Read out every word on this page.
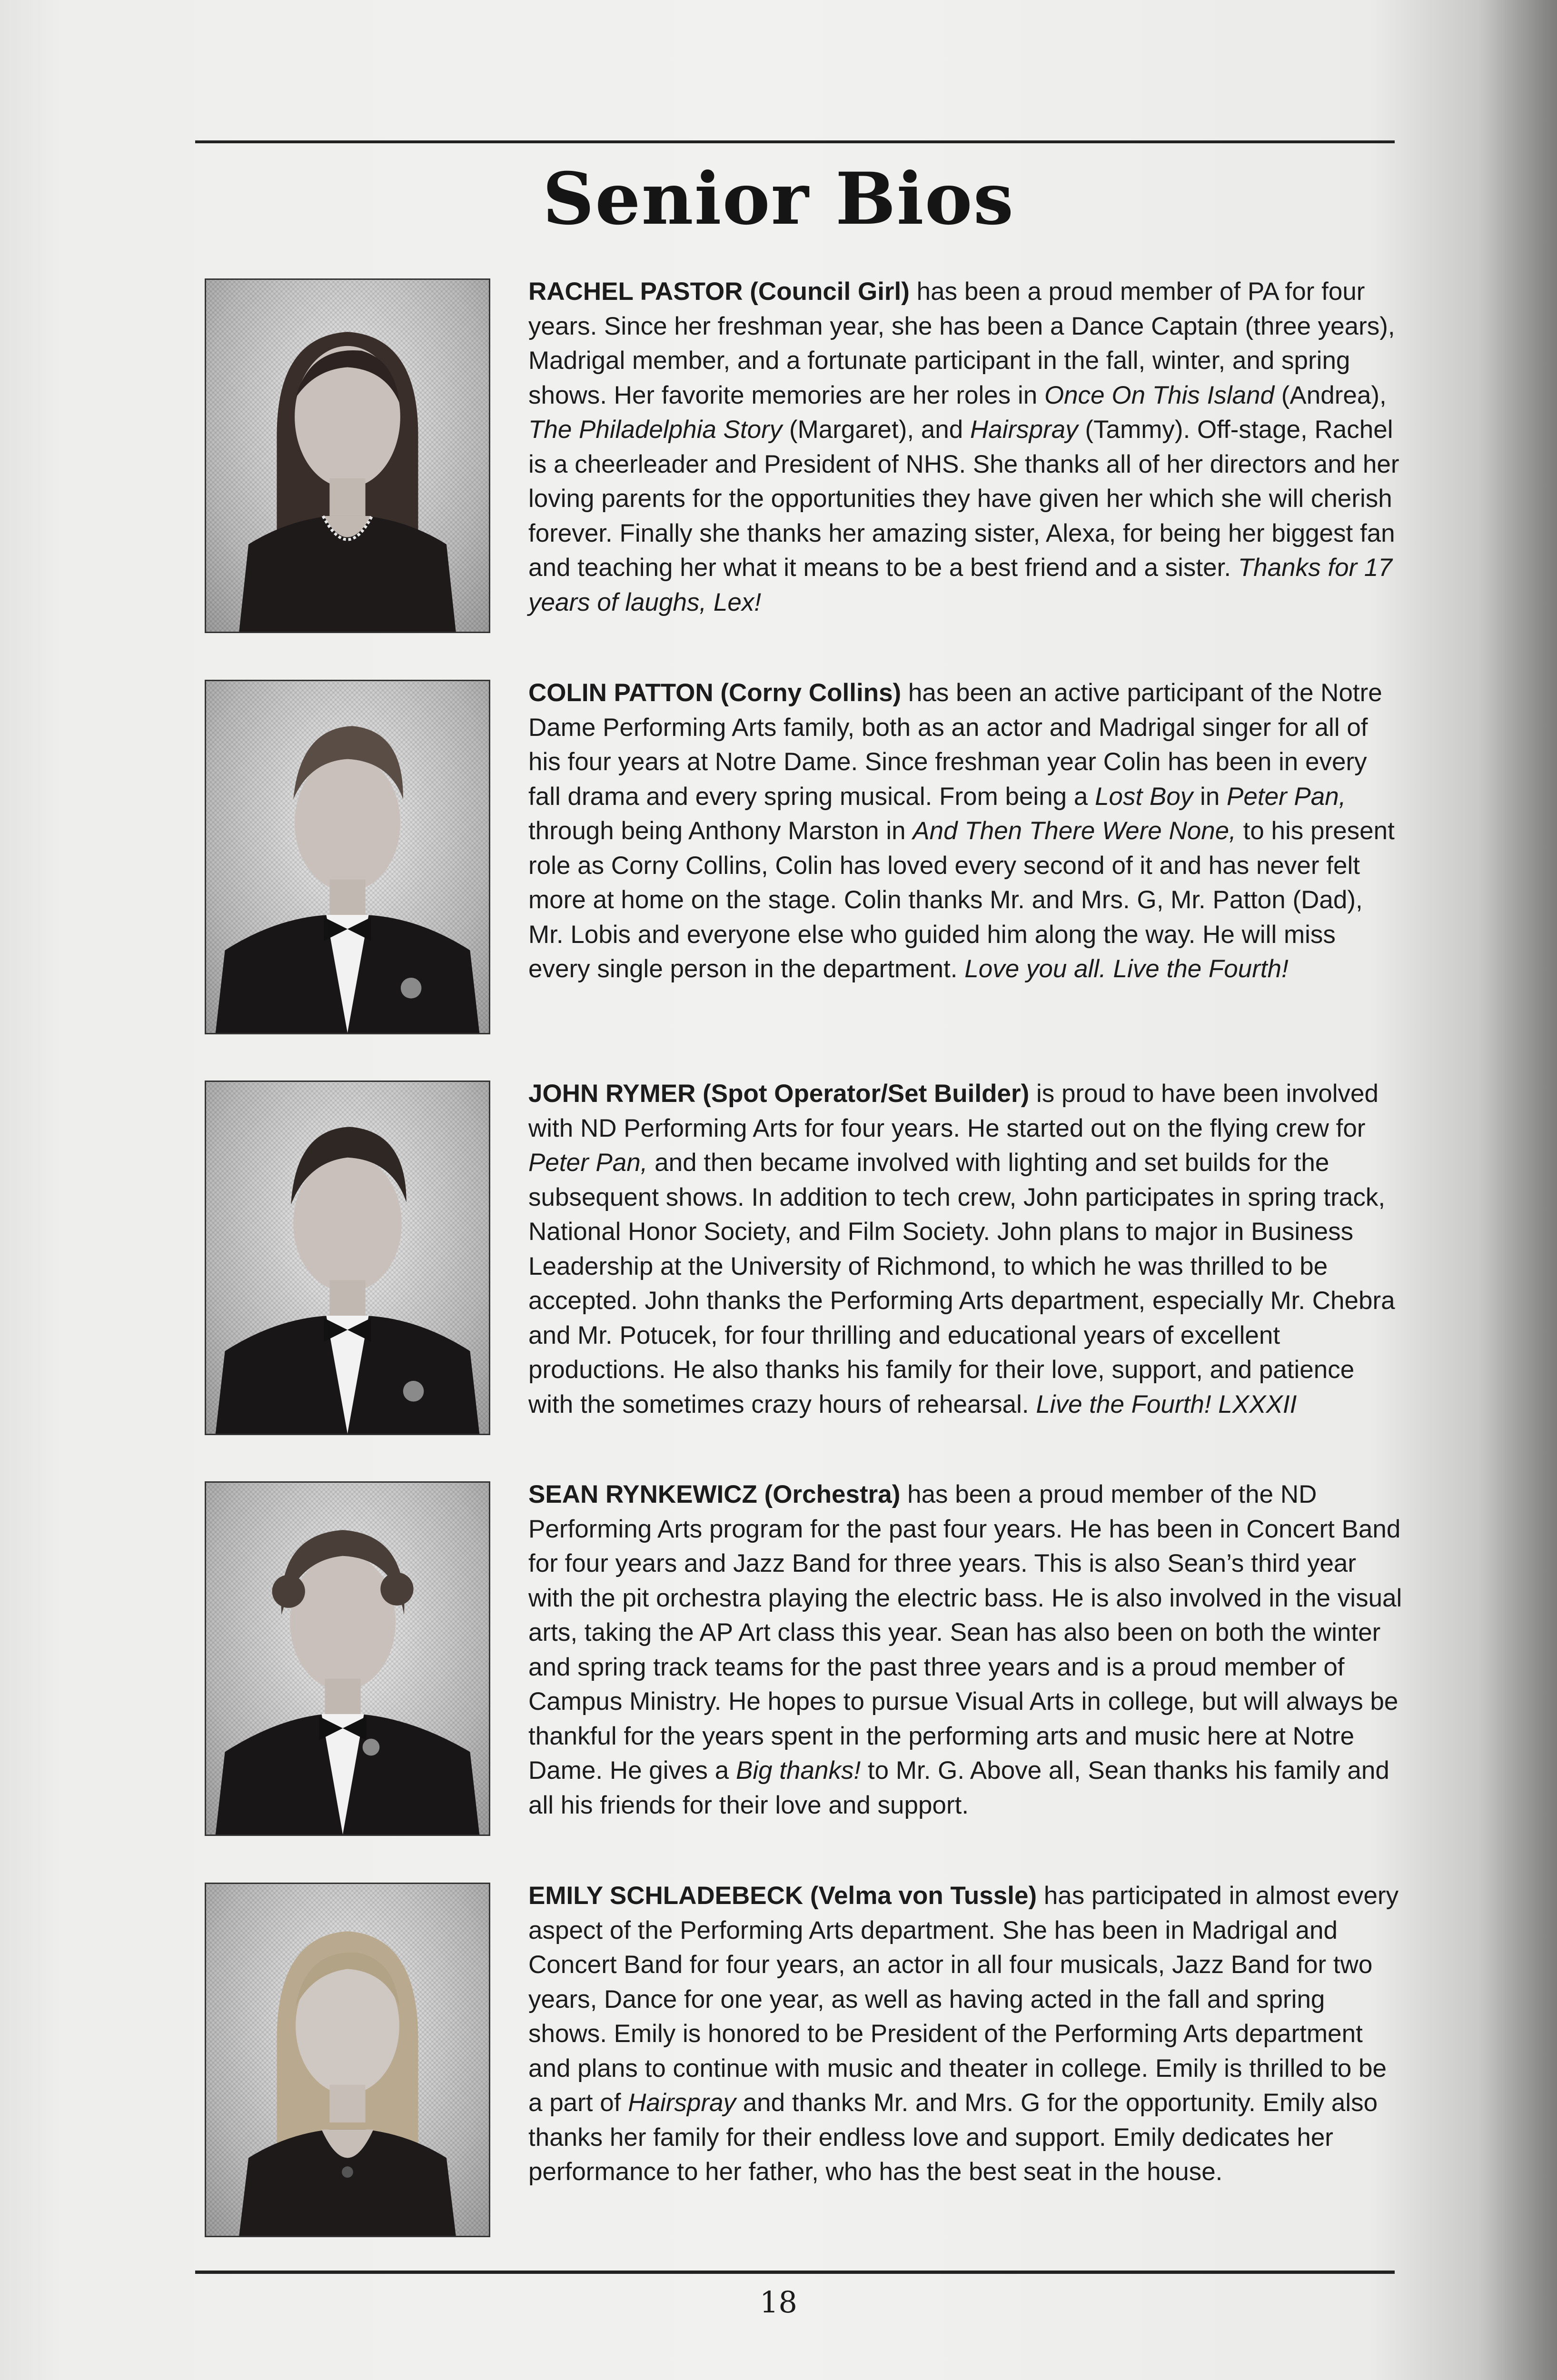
Senior Bios

RACHEL PASTOR (Council Girl) has been a proud member of PA for four years. Since her freshman year, she has been a Dance Captain (three years), Madrigal member, and a fortunate participant in the fall, winter, and spring shows. Her favorite memories are her roles in Once On This Island (Andrea), The Philadelphia Story (Margaret), and Hairspray (Tammy). Off-stage, Rachel is a cheerleader and President of NHS. She thanks all of her directors and her loving parents for the opportunities they have given her which she will cherish forever. Finally she thanks her amazing sister, Alexa, for being her biggest fan and teaching her what it means to be a best friend and a sister. Thanks for 17 years of laughs, Lex!

COLIN PATTON (Corny Collins) has been an active participant of the Notre Dame Performing Arts family, both as an actor and Madrigal singer for all of his four years at Notre Dame. Since freshman year Colin has been in every fall drama and every spring musical. From being a Lost Boy in Peter Pan, through being Anthony Marston in And Then There Were None, to his present role as Corny Collins, Colin has loved every second of it and has never felt more at home on the stage. Colin thanks Mr. and Mrs. G, Mr. Patton (Dad), Mr. Lobis and everyone else who guided him along the way. He will miss every single person in the department. Love you all. Live the Fourth!

JOHN RYMER (Spot Operator/Set Builder) is proud to have been involved with ND Performing Arts for four years. He started out on the flying crew for Peter Pan, and then became involved with lighting and set builds for the subsequent shows. In addition to tech crew, John participates in spring track, National Honor Society, and Film Society. John plans to major in Business Leadership at the University of Richmond, to which he was thrilled to be accepted. John thanks the Performing Arts department, especially Mr. Chebra and Mr. Potucek, for four thrilling and educational years of excellent productions. He also thanks his family for their love, support, and patience with the sometimes crazy hours of rehearsal. Live the Fourth! LXXXII

SEAN RYNKEWICZ (Orchestra) has been a proud member of the ND Performing Arts program for the past four years. He has been in Concert Band for four years and Jazz Band for three years. This is also Sean’s third year with the pit orchestra playing the electric bass. He is also involved in the visual arts, taking the AP Art class this year. Sean has also been on both the winter and spring track teams for the past three years and is a proud member of Campus Ministry. He hopes to pursue Visual Arts in college, but will always be thankful for the years spent in the performing arts and music here at Notre Dame. He gives a Big thanks! to Mr. G. Above all, Sean thanks his family and all his friends for their love and support.

EMILY SCHLADEBECK (Velma von Tussle) has participated in almost every aspect of the Performing Arts department. She has been in Madrigal and Concert Band for four years, an actor in all four musicals, Jazz Band for two years, Dance for one year, as well as having acted in the fall and spring shows. Emily is honored to be President of the Performing Arts department and plans to continue with music and theater in college. Emily is thrilled to be a part of Hairspray and thanks Mr. and Mrs. G for the opportunity. Emily also thanks her family for their endless love and support. Emily dedicates her performance to her father, who has the best seat in the house.

18
